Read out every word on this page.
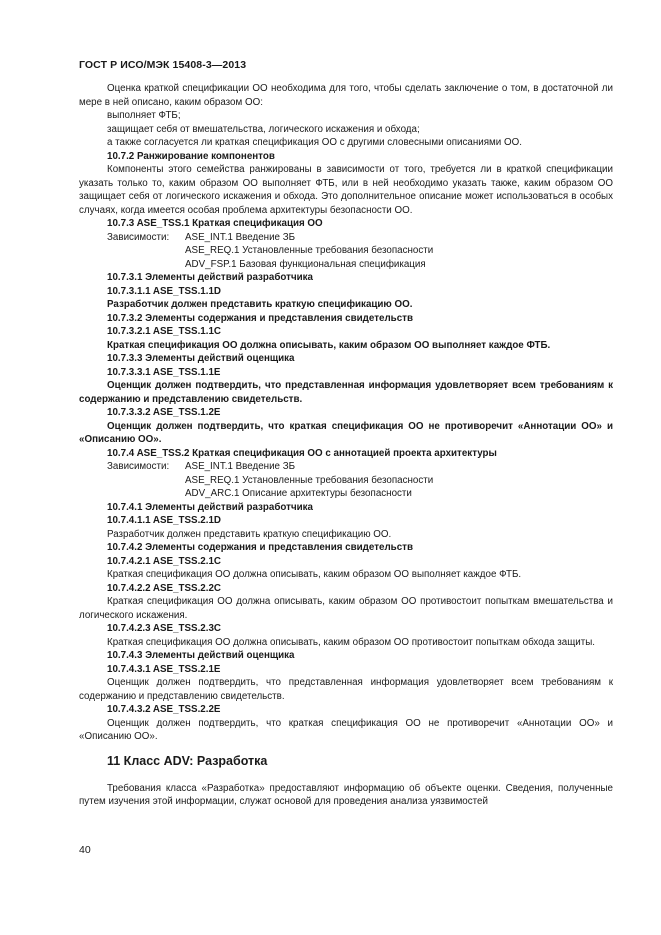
ГОСТ Р ИСО/МЭК 15408-3—2013

Оценка краткой спецификации ОО необходима для того, чтобы сделать заключение о том, в достаточной ли мере в ней описано, каким образом ОО:

выполняет ФТБ;

защищает себя от вмешательства, логического искажения и обхода;

а также согласуется ли краткая спецификация ОО с другими словесными описаниями ОО.

10.7.2 Ранжирование компонентов

Компоненты этого семейства ранжированы в зависимости от того, требуется ли в краткой спецификации указать только то, каким образом ОО выполняет ФТБ, или в ней необходимо указать также, каким образом ОО защищает себя от логического искажения и обхода. Это дополнительное описание может использоваться в особых случаях, когда имеется особая проблема архитектуры безопасности ОО.

10.7.3 ASE_TSS.1 Краткая спецификация ОО

Зависимости:	ASE_INT.1 Введение ЗБ
ASE_REQ.1 Установленные требования безопасности
ADV_FSP.1 Базовая функциональная спецификация

10.7.3.1 Элементы действий разработчика

10.7.3.1.1 ASE_TSS.1.1D

Разработчик должен представить краткую спецификацию ОО.

10.7.3.2 Элементы содержания и представления свидетельств

10.7.3.2.1 ASE_TSS.1.1C

Краткая спецификация ОО должна описывать, каким образом ОО выполняет каждое ФТБ.

10.7.3.3 Элементы действий оценщика

10.7.3.3.1 ASE_TSS.1.1E

Оценщик должен подтвердить, что представленная информация удовлетворяет всем требованиям к содержанию и представлению свидетельств.

10.7.3.3.2 ASE_TSS.1.2E

Оценщик должен подтвердить, что краткая спецификация ОО не противоречит «Аннотации ОО» и «Описанию ОО».

10.7.4 ASE_TSS.2 Краткая спецификация ОО с аннотацией проекта архитектуры

Зависимости:	ASE_INT.1 Введение ЗБ
ASE_REQ.1 Установленные требования безопасности
ADV_ARC.1 Описание архитектуры безопасности

10.7.4.1 Элементы действий разработчика

10.7.4.1.1 ASE_TSS.2.1D

Разработчик должен представить краткую спецификацию ОО.

10.7.4.2 Элементы содержания и представления свидетельств

10.7.4.2.1 ASE_TSS.2.1C

Краткая спецификация ОО должна описывать, каким образом ОО выполняет каждое ФТБ.

10.7.4.2.2 ASE_TSS.2.2C

Краткая спецификация ОО должна описывать, каким образом ОО противостоит попыткам вмешательства и логического искажения.

10.7.4.2.3 ASE_TSS.2.3C

Краткая спецификация ОО должна описывать, каким образом ОО противостоит попыткам обхода защиты.

10.7.4.3 Элементы действий оценщика

10.7.4.3.1 ASE_TSS.2.1E

Оценщик должен подтвердить, что представленная информация удовлетворяет всем требованиям к содержанию и представлению свидетельств.

10.7.4.3.2 ASE_TSS.2.2E

Оценщик должен подтвердить, что краткая спецификация ОО не противоречит «Аннотации ОО» и «Описанию ОО».

11 Класс ADV: Разработка

Требования класса «Разработка» предоставляют информацию об объекте оценки. Сведения, полученные путем изучения этой информации, служат основой для проведения анализа уязвимостей

40
